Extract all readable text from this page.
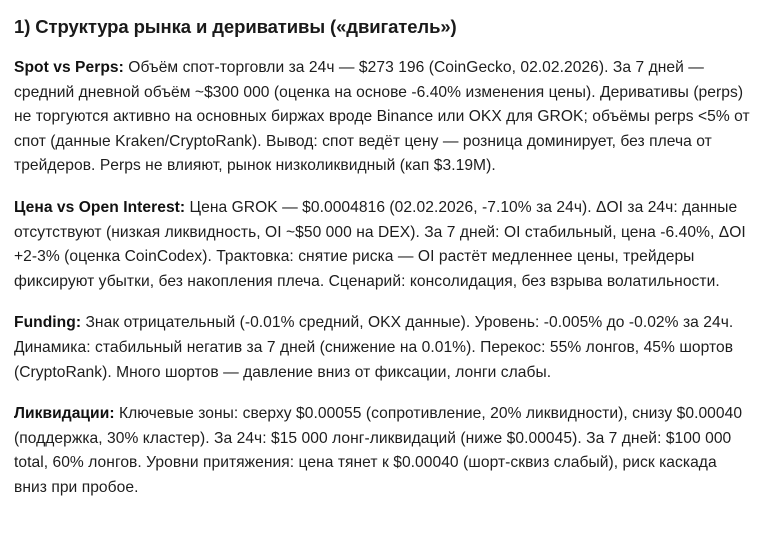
1) Структура рынка и деривативы («двигатель»)

Spot vs Perps: Объём спот-торговли за 24ч — $273 196 (CoinGecko, 02.02.2026). За 7 дней — средний дневной объём ~$300 000 (оценка на основе -6.40% изменения цены). Деривативы (perps) не торгуются активно на основных биржах вроде Binance или OKX для GROK; объёмы perps <5% от спот (данные Kraken/CryptoRank). Вывод: спот ведёт цену — розница доминирует, без плеча от трейдеров. Perps не влияют, рынок низколиквидный (кап $3.19M).

Цена vs Open Interest: Цена GROK — $0.0004816 (02.02.2026, -7.10% за 24ч). ΔOI за 24ч: данные отсутствуют (низкая ликвидность, OI ~$50 000 на DEX). За 7 дней: OI стабильный, цена -6.40%, ΔOI +2-3% (оценка CoinCodex). Трактовка: снятие риска — OI растёт медленнее цены, трейдеры фиксируют убытки, без накопления плеча. Сценарий: консолидация, без взрыва волатильности.

Funding: Знак отрицательный (-0.01% средний, OKX данные). Уровень: -0.005% до -0.02% за 24ч. Динамика: стабильный негатив за 7 дней (снижение на 0.01%). Перекос: 55% лонгов, 45% шортов (CryptoRank). Много шортов — давление вниз от фиксации, лонги слабы.

Ликвидации: Ключевые зоны: сверху $0.00055 (сопротивление, 20% ликвидности), снизу $0.00040 (поддержка, 30% кластер). За 24ч: $15 000 лонг-ликвидаций (ниже $0.00045). За 7 дней: $100 000 total, 60% лонгов. Уровни притяжения: цена тянет к $0.00040 (шорт-сквиз слабый), риск каскада вниз при пробое.
